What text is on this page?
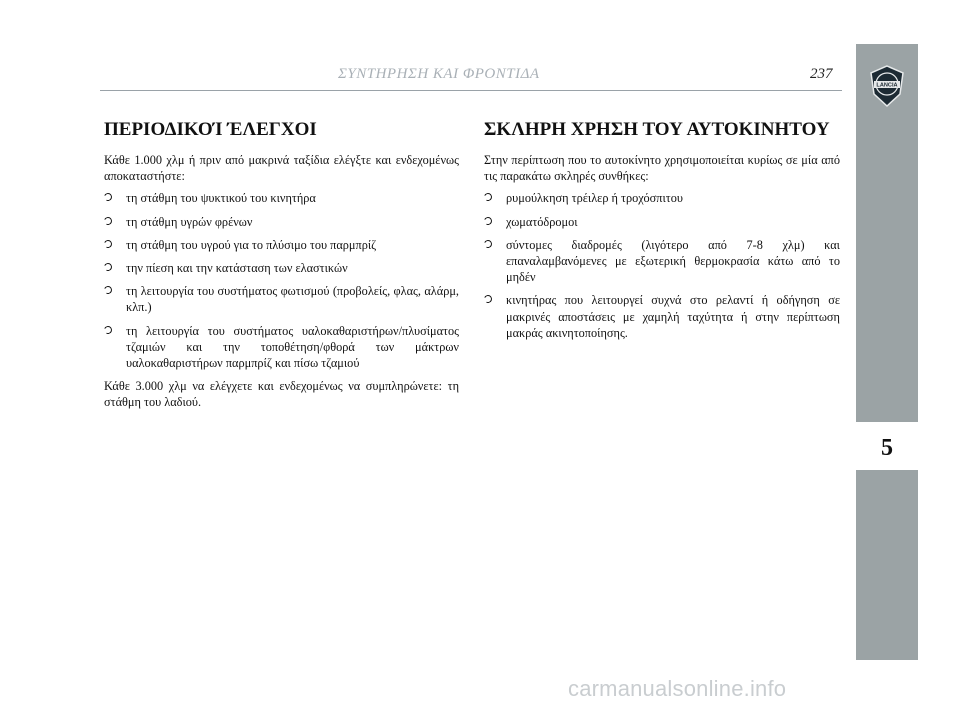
ΣΥΝΤΗΡΗΣΗ ΚΑΙ ΦΡΟΝΤΙΔΑ	237
ΠΕΡΙΟΔΙΚΟΊ ΈΛΕΓΧΟΙ

Κάθε 1.000 χλμ ή πριν από μακρινά ταξίδια ελέγξτε και ενδεχομένως αποκαταστήστε:

τη στάθμη του ψυκτικού του κινητήρα
τη στάθμη υγρών φρένων
τη στάθμη του υγρού για το πλύσιμο του παρμπρίζ
την πίεση και την κατάσταση των ελαστικών
τη λειτουργία του συστήματος φωτισμού (προβολείς, φλας, αλάρμ, κλπ.)
τη λειτουργία του συστήματος υαλοκαθαριστήρων/πλυσίματος τζαμιών και την τοποθέτηση/φθορά των μάκτρων υαλοκαθαριστήρων παρμπρίζ και πίσω τζαμιού

Κάθε 3.000 χλμ να ελέγχετε και ενδεχομένως να συμπληρώνετε: τη στάθμη του λαδιού.

ΣΚΛΗΡΗ ΧΡΗΣΗ ΤΟΥ ΑΥΤΟΚΙΝΗΤΟΥ

Στην περίπτωση που το αυτοκίνητο χρησιμοποιείται κυρίως σε μία από τις παρακάτω σκληρές συνθήκες:

ρυμούλκηση τρέιλερ ή τροχόσπιτου
χωματόδρομοι
σύντομες διαδρομές (λιγότερο από 7-8 χλμ) και επαναλαμβανόμενες με εξωτερική θερμοκρασία κάτω από το μηδέν
κινητήρας που λειτουργεί συχνά στο ρελαντί ή οδήγηση σε μακρινές αποστάσεις με χαμηλή ταχύτητα ή στην περίπτωση μακράς ακινητοποίησης.
5
LANCIA
carmanualsonline.info
